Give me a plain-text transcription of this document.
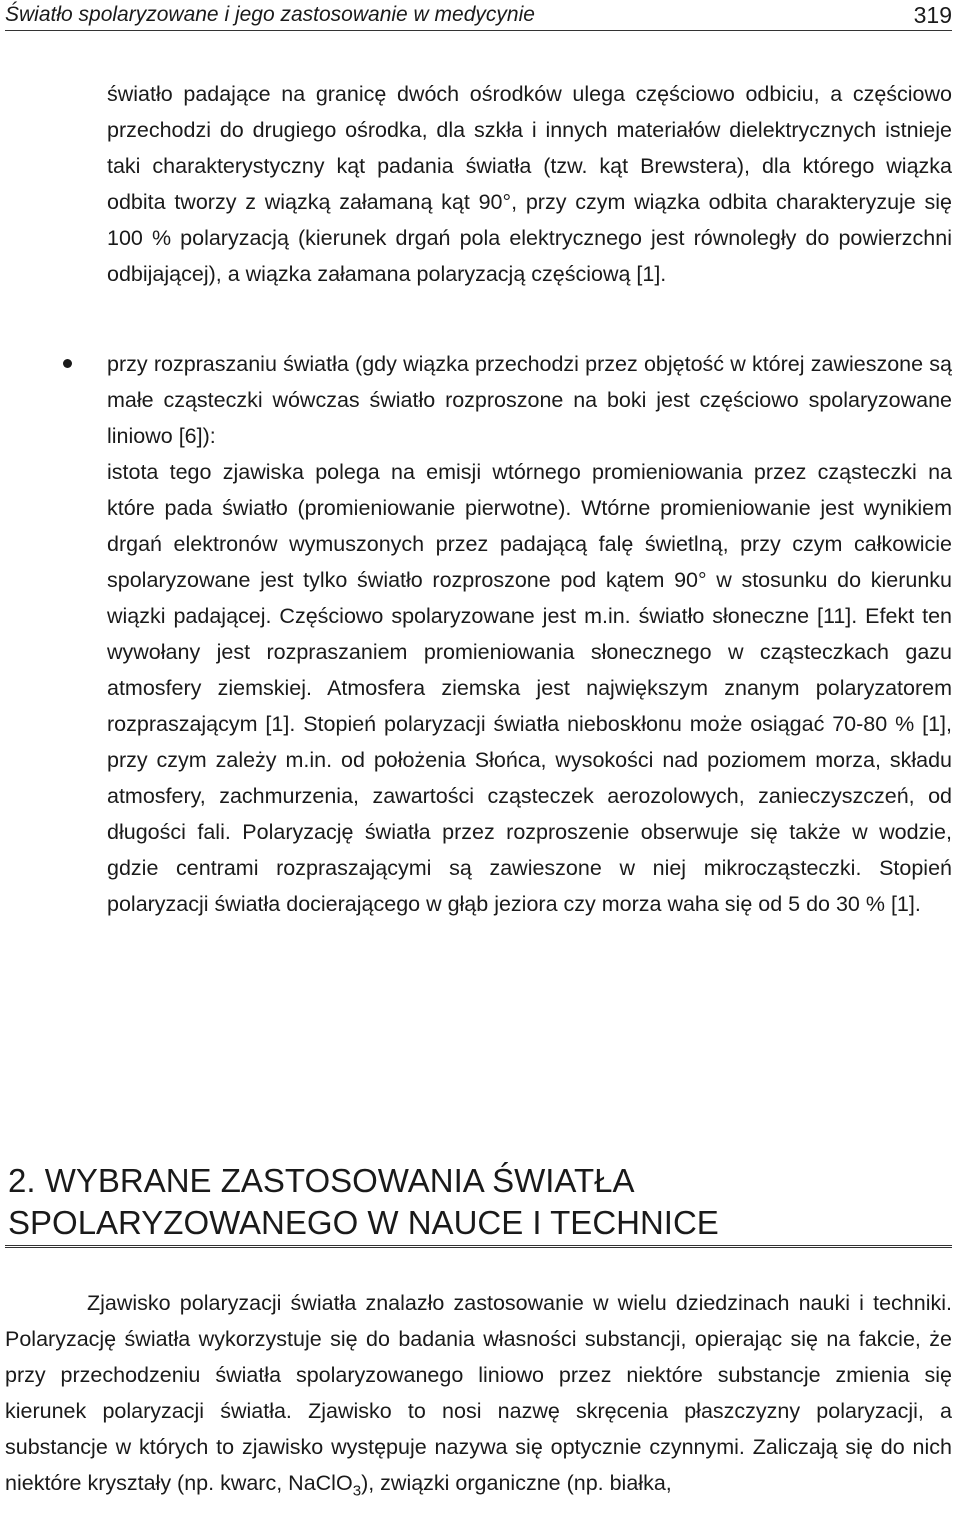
Światło spolaryzowane i jego zastosowanie w medycynie	319
światło padające na granicę dwóch ośrodków ulega częściowo odbiciu, a częściowo przechodzi do drugiego ośrodka, dla szkła i innych materiałów dielektrycznych istnieje taki charakterystyczny kąt padania światła (tzw. kąt Brewstera), dla którego wiązka odbita tworzy z wiązką załamaną kąt 90°, przy czym wiązka odbita charakteryzuje się 100 % polaryzacją (kierunek drgań pola elektrycznego jest równoległy do powierzchni odbijającej), a wiązka załamana polaryzacją częściową [1].
przy rozpraszaniu światła (gdy wiązka przechodzi przez objętość w której zawieszone są małe cząsteczki wówczas światło rozproszone na boki jest częściowo spolaryzowane liniowo [6]):
istota tego zjawiska polega na emisji wtórnego promieniowania przez cząsteczki na które pada światło (promieniowanie pierwotne). Wtórne promieniowanie jest wynikiem drgań elektronów wymuszonych przez padającą falę świetlną, przy czym całkowicie spolaryzowane jest tylko światło rozproszone pod kątem 90° w stosunku do kierunku wiązki padającej. Częściowo spolaryzowane jest m.in. światło słoneczne [11]. Efekt ten wywołany jest rozpraszaniem promieniowania słonecznego w cząsteczkach gazu atmosfery ziemskiej. Atmosfera ziemska jest największym znanym polaryzatorem rozpraszającym [1]. Stopień polaryzacji światła nieboskłonu może osiągać 70-80 % [1], przy czym zależy m.in. od położenia Słońca, wysokości nad poziomem morza, składu atmosfery, zachmurzenia, zawartości cząsteczek aerozolowych, zanieczyszczeń, od długości fali. Polaryzację światła przez rozproszenie obserwuje się także w wodzie, gdzie centrami rozpraszającymi są zawieszone w niej mikrocząsteczki. Stopień polaryzacji światła docierającego w głąb jeziora czy morza waha się od 5 do 30 % [1].
2. WYBRANE ZASTOSOWANIA ŚWIATŁA
SPOLARYZOWANEGO W NAUCE I TECHNICE
Zjawisko polaryzacji światła znalazło zastosowanie w wielu dziedzinach nauki i techniki. Polaryzację światła wykorzystuje się do badania własności substancji, opierając się na fakcie, że przy przechodzeniu światła spolaryzowanego liniowo przez niektóre substancje zmienia się kierunek polaryzacji światła. Zjawisko to nosi nazwę skręcenia płaszczyzny polaryzacji, a substancje w których to zjawisko występuje nazywa się optycznie czynnymi. Zaliczają się do nich niektóre kryształy (np. kwarc, NaClO$_3$), związki organiczne (np. białka,
